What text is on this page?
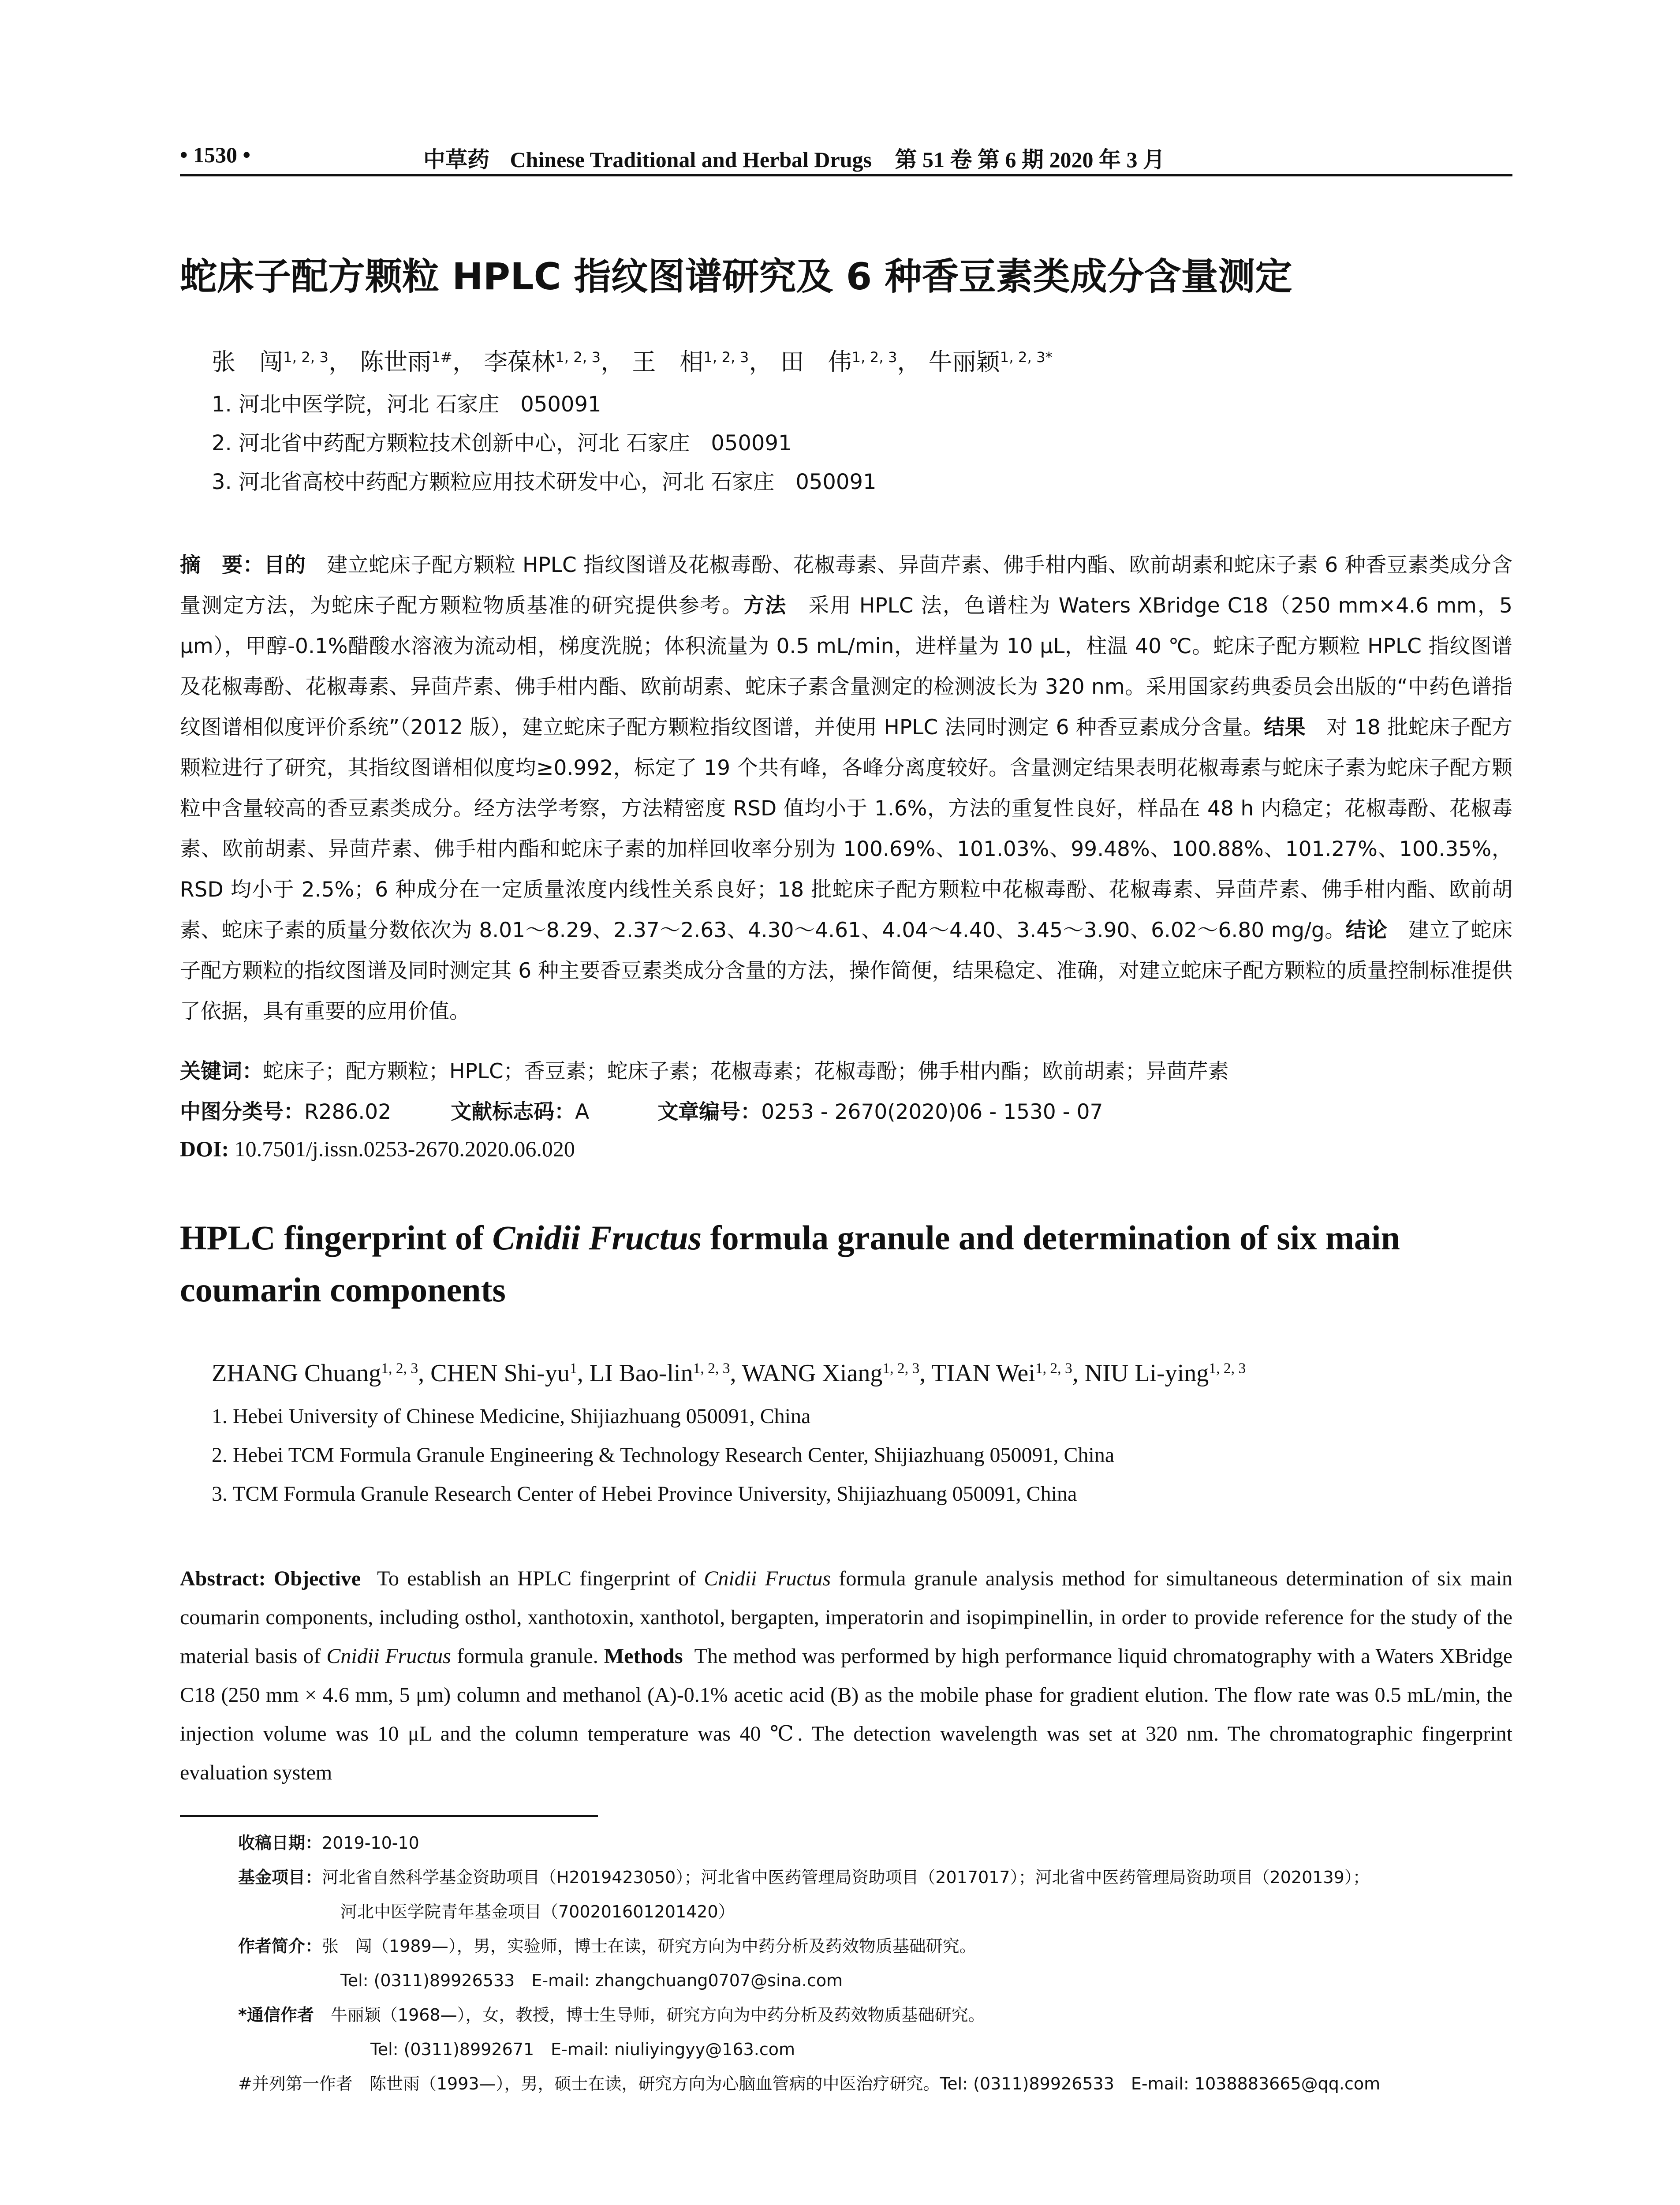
• 1530 •	中草药 Chinese Traditional and Herbal Drugs 第 51 卷 第 6 期 2020 年 3 月
蛇床子配方颗粒 HPLC 指纹图谱研究及 6 种香豆素类成分含量测定
张　闯$^{1, 2, 3}$， 陈世雨$^{1\#}$， 李葆林$^{1, 2, 3}$， 王　相$^{1, 2, 3}$， 田　伟$^{1, 2, 3}$， 牛丽颖$^{1, 2, 3*}$
1. 河北中医学院，河北 石家庄　050091
2. 河北省中药配方颗粒技术创新中心，河北 石家庄　050091
3. 河北省高校中药配方颗粒应用技术研发中心，河北 石家庄　050091
摘　要：目的　 建立蛇床子配方颗粒 HPLC 指纹图谱及花椒毒酚、花椒毒素、异茴芹素、佛手柑内酯、欧前胡素和蛇床子素 6 种香豆素类成分含量测定方法，为蛇床子配方颗粒物质基准的研究提供参考。方法　 采用 HPLC 法，色谱柱为 Waters XBridge C18（250 mm×4.6 mm，5 μm），甲醇-0.1%醋酸水溶液为流动相，梯度洗脱；体积流量为 0.5 mL/min，进样量为 10 μL，柱温 40 ℃。蛇床子配方颗粒 HPLC 指纹图谱及花椒毒酚、花椒毒素、异茴芹素、佛手柑内酯、欧前胡素、蛇床子素含量测定的检测波长为 320 nm。采用国家药典委员会出版的“中药色谱指纹图谱相似度评价系统”（2012 版），建立蛇床子配方颗粒指纹图谱，并使用 HPLC 法同时测定 6 种香豆素成分含量。结果　 对 18 批蛇床子配方颗粒进行了研究，其指纹图谱相似度均≥0.992，标定了 19 个共有峰，各峰分离度较好。含量测定结果表明花椒毒素与蛇床子素为蛇床子配方颗粒中含量较高的香豆素类成分。经方法学考察，方法精密度 RSD 值均小于 1.6%，方法的重复性良好，样品在 48 h 内稳定；花椒毒酚、花椒毒素、欧前胡素、异茴芹素、佛手柑内酯和蛇床子素的加样回收率分别为 100.69%、101.03%、99.48%、100.88%、101.27%、100.35%，RSD 均小于 2.5%；6 种成分在一定质量浓度内线性关系良好；18 批蛇床子配方颗粒中花椒毒酚、花椒毒素、异茴芹素、佛手柑内酯、欧前胡素、蛇床子素的质量分数依次为 8.01～8.29、2.37～2.63、4.30～4.61、4.04～4.40、3.45～3.90、6.02～6.80 mg/g。结论　 建立了蛇床子配方颗粒的指纹图谱及同时测定其 6 种主要香豆素类成分含量的方法，操作简便，结果稳定、准确，对建立蛇床子配方颗粒的质量控制标准提供了依据，具有重要的应用价值。
关键词：蛇床子；配方颗粒；HPLC；香豆素；蛇床子素；花椒毒素；花椒毒酚；佛手柑内酯；欧前胡素；异茴芹素
中图分类号：R286.02	文献标志码：A	文章编号：0253 - 2670(2020)06 - 1530 - 07
DOI: 10.7501/j.issn.0253-2670.2020.06.020
HPLC fingerprint of Cnidii Fructus formula granule and determination of six main coumarin components
ZHANG Chuang$^{1, 2, 3}$, CHEN Shi-$yu^1$, LI Bao-lin$^{1, 2, 3}$, WANG Xiang$^{1, 2, 3}$, TIAN Wei$^{1, 2, 3}$, NIU Li-ying$^{1, 2, 3}$
1. Hebei University of Chinese Medicine, Shijiazhuang 050091, China
2. Hebei TCM Formula Granule Engineering & Technology Research Center, Shijiazhuang 050091, China
3. TCM Formula Granule Research Center of Hebei Province University, Shijiazhuang 050091, China
Abstract: Objective To establish an HPLC fingerprint of Cnidii Fructus formula granule analysis method for simultaneous determination of six main coumarin components, including osthol, xanthotoxin, xanthotol, bergapten, imperatorin and isopimpinellin, in order to provide reference for the study of the material basis of Cnidii Fructus formula granule. Methods The method was performed by high performance liquid chromatography with a Waters XBridge C18 (250 mm × 4.6 mm, 5 μm) column and methanol (A)-0.1% acetic acid (B) as the mobile phase for gradient elution. The flow rate was 0.5 mL/min, the injection volume was 10 μL and the column temperature was 40 ℃. The detection wavelength was set at 320 nm. The chromatographic fingerprint evaluation system
收稿日期：2019-10-10
基金项目：河北省自然科学基金资助项目（H2019423050）；河北省中医药管理局资助项目（2017017）；河北省中医药管理局资助项目（2020139）；
河北中医学院青年基金项目（700201601201420）
作者简介：张　闯（1989—），男，实验师，博士在读，研究方向为中药分析及药效物质基础研究。
Tel: (0311)89926533　E-mail: zhangchuang0707@sina.com
*通信作者　 牛丽颖（1968—），女，教授，博士生导师，研究方向为中药分析及药效物质基础研究。
Tel: (0311)8992671　E-mail: niuliyingyy@163.com
#并列第一作者　陈世雨（1993—），男，硕士在读，研究方向为心脑血管病的中医治疗研究。Tel: (0311)89926533　E-mail: 1038883665@qq.com
